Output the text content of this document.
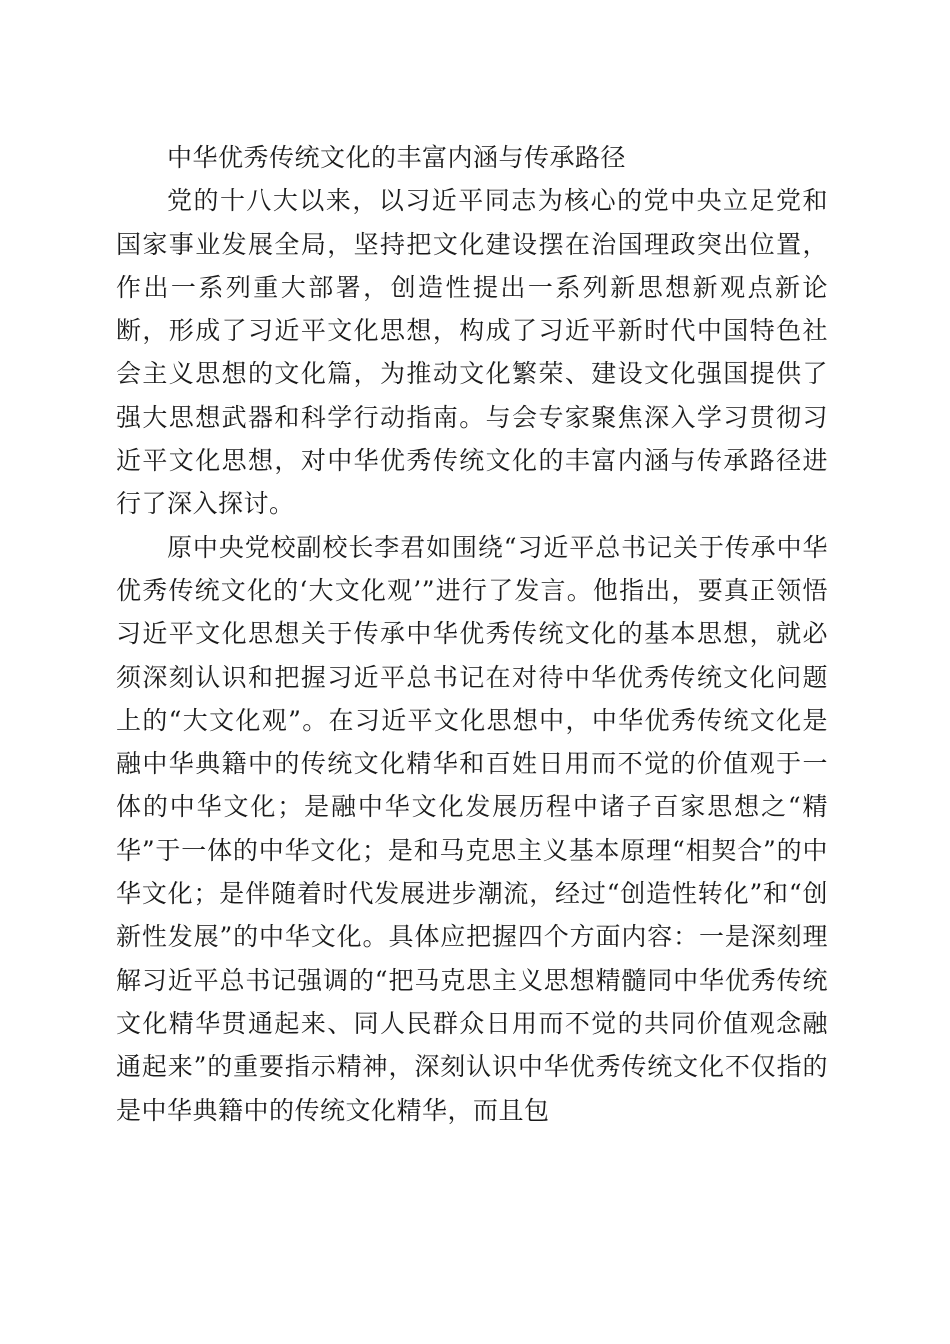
中华优秀传统文化的丰富内涵与传承路径

党的十八大以来，以习近平同志为核心的党中央立足党和国家事业发展全局，坚持把文化建设摆在治国理政突出位置，作出一系列重大部署，创造性提出一系列新思想新观点新论断，形成了习近平文化思想，构成了习近平新时代中国特色社会主义思想的文化篇，为推动文化繁荣、建设文化强国提供了强大思想武器和科学行动指南。与会专家聚焦深入学习贯彻习近平文化思想，对中华优秀传统文化的丰富内涵与传承路径进行了深入探讨。

原中央党校副校长李君如围绕“习近平总书记关于传承中华优秀传统文化的‘大文化观’”进行了发言。他指出，要真正领悟习近平文化思想关于传承中华优秀传统文化的基本思想，就必须深刻认识和把握习近平总书记在对待中华优秀传统文化问题上的“大文化观”。在习近平文化思想中，中华优秀传统文化是融中华典籍中的传统文化精华和百姓日用而不觉的价值观于一体的中华文化；是融中华文化发展历程中诸子百家思想之“精华”于一体的中华文化；是和马克思主义基本原理“相契合”的中华文化；是伴随着时代发展进步潮流，经过“创造性转化”和“创新性发展”的中华文化。具体应把握四个方面内容：一是深刻理解习近平总书记强调的“把马克思主义思想精髓同中华优秀传统文化精华贯通起来、同人民群众日用而不觉的共同价值观念融通起来”的重要指示精神，深刻认识中华优秀传统文化不仅指的是中华典籍中的传统文化精华，而且包
